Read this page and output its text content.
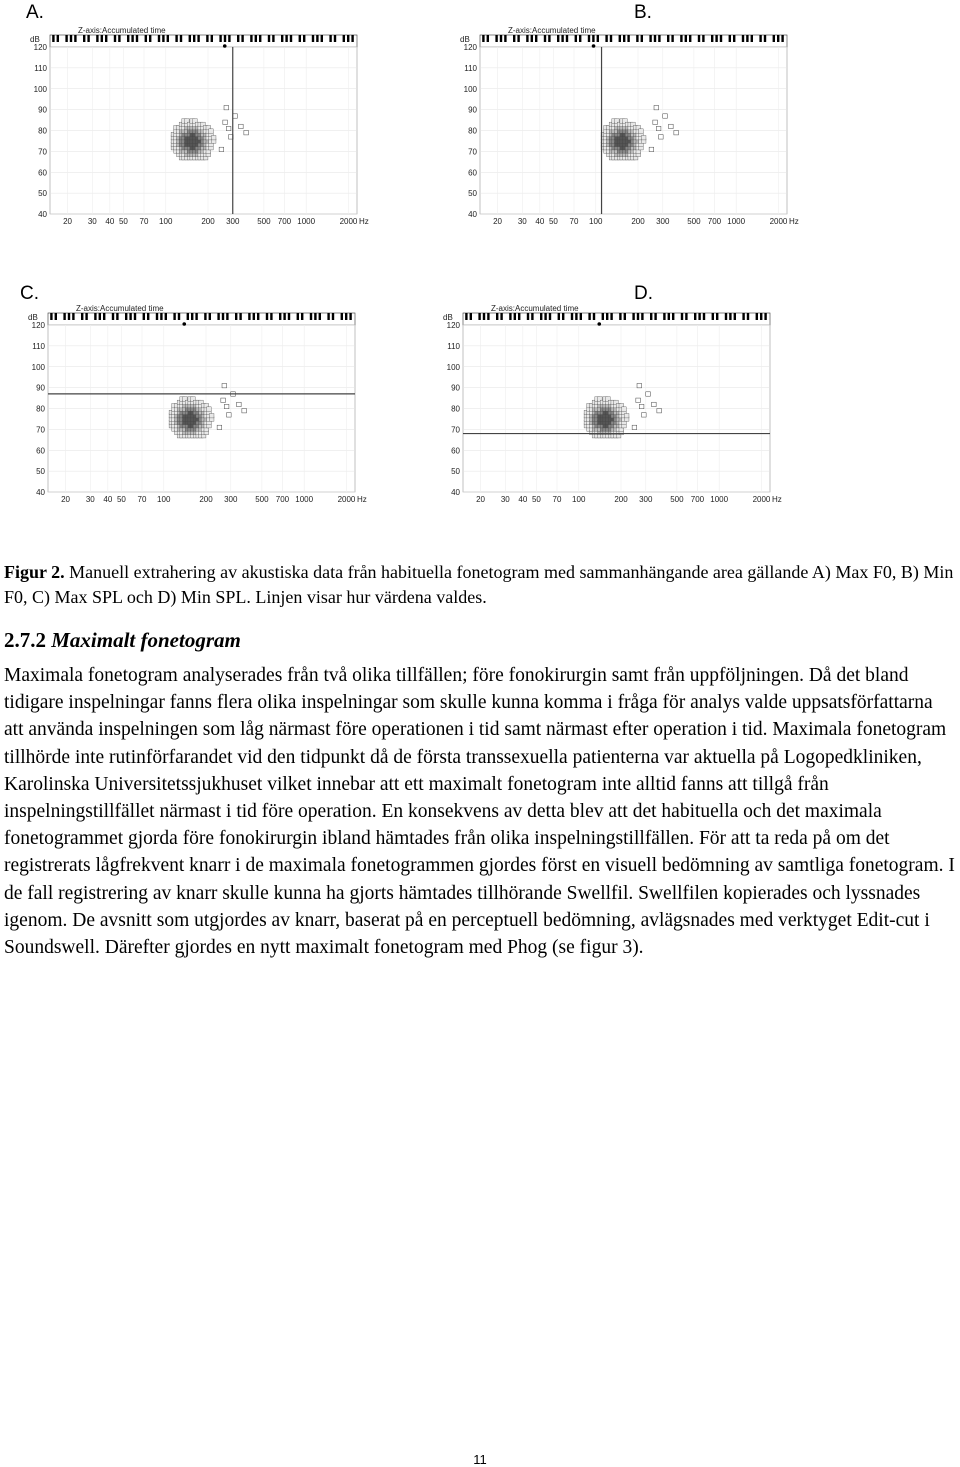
A.	B.
C.	D.
Z-axis:Accumulated time
dB
120
110
100
90
80
70
60
50
40
20 30 40 50 70 100	200 300 500 700 1000	2000 Hz
Z-axis:Accumulated time
dB
120
110
100
90
80
70
60
50
40
20 30 40 50 70 100	200 300 500 700 1000	2000 Hz
Z-axis:Accumulated time
dB
120
110
100
90
80
70
60
50
40
20 30 40 50 70 100	200 300 500 700 1000	2000 Hz
Z-axis:Accumulated time
dB
120
110
100
90
80
70
60
50
40
20 30 40 50 70 100	200 300 500 700 1000	2000 Hz
Figur 2. Manuell extrahering av akustiska data från habituella fonetogram med sammanhängande area gällande A) Max F0, B) Min F0, C) Max SPL och D) Min SPL. Linjen visar hur värdena valdes.
2.7.2 Maximalt fonetogram
Maximala fonetogram analyserades från två olika tillfällen; före fonokirurgin samt från uppföljningen. Då det bland tidigare inspelningar fanns flera olika inspelningar som skulle kunna komma i fråga för analys valde uppsatsförfattarna att använda inspelningen som låg närmast före operationen i tid samt närmast efter operation i tid. Maximala fonetogram tillhörde inte rutinförfarandet vid den tidpunkt då de första transsexuella patienterna var aktuella på Logopedkliniken, Karolinska Universitetssjukhuset vilket innebar att ett maximalt fonetogram inte alltid fanns att tillgå från inspelningstillfället närmast i tid före operation. En konsekvens av detta blev att det habituella och det maximala fonetogrammet gjorda före fonokirurgin ibland hämtades från olika inspelningstillfällen. För att ta reda på om det registrerats lågfrekvent knarr i de maximala fonetogrammen gjordes först en visuell bedömning av samtliga fonetogram. I de fall registrering av knarr skulle kunna ha gjorts hämtades tillhörande Swellfil. Swellfilen kopierades och lyssnades igenom. De avsnitt som utgjordes av knarr, baserat på en perceptuell bedömning, avlägsnades med verktyget Edit-cut i Soundswell. Därefter gjordes en nytt maximalt fonetogram med Phog (se figur 3).
11
